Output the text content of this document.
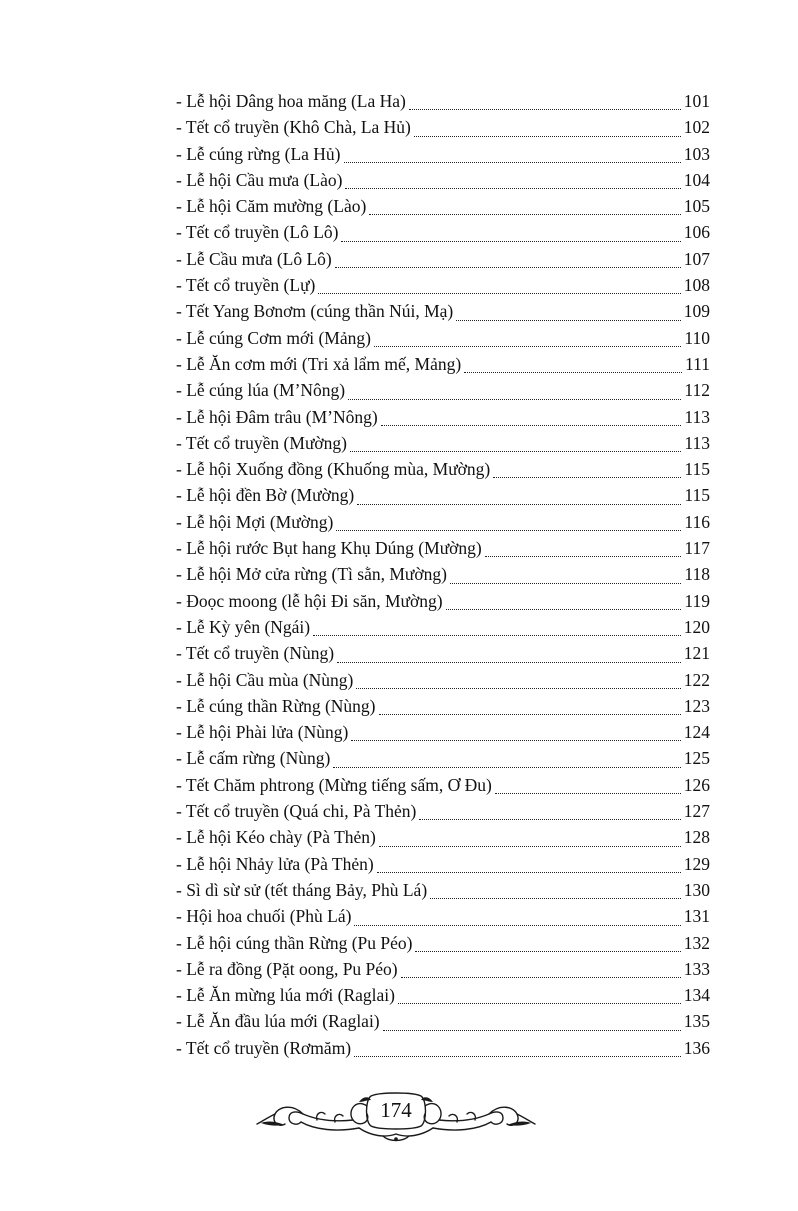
- Lễ hội Dâng hoa măng (La Ha)	101
- Tết cổ truyền (Khô Chà, La Hủ)	102
- Lễ cúng rừng (La Hủ)	103
- Lễ hội Cầu mưa (Lào)	104
- Lễ hội Căm mường (Lào)	105
- Tết cổ truyền (Lô Lô)	106
- Lễ Cầu mưa (Lô Lô)	107
- Tết cổ truyền (Lự)	108
- Tết Yang Bơnơm (cúng thần Núi, Mạ)	109
- Lễ cúng Cơm mới (Mảng)	110
- Lễ Ăn cơm mới (Tri xả lẩm mế, Mảng)	111
- Lễ cúng lúa (M’Nông)	112
- Lễ hội Đâm trâu (M’Nông)	113
- Tết cổ truyền (Mường)	113
- Lễ hội Xuống đồng (Khuống mùa, Mường)	115
- Lễ hội đền Bờ (Mường)	115
- Lễ hội Mợi (Mường)	116
- Lễ hội rước Bụt hang Khụ Dúng (Mường)	117
- Lễ hội Mở cửa rừng (Tì sằn, Mường)	118
- Đoọc moong (lễ hội Đi săn, Mường)	119
- Lễ Kỳ yên (Ngái)	120
- Tết cổ truyền (Nùng)	121
- Lễ hội Cầu mùa (Nùng)	122
- Lễ cúng thần Rừng (Nùng)	123
- Lễ hội Phài lửa (Nùng)	124
- Lễ cấm rừng (Nùng)	125
- Tết Chăm phtrong (Mừng tiếng sấm, Ơ Đu)	126
- Tết cổ truyền (Quá chi, Pà Thẻn)	127
- Lễ hội Kéo chày (Pà Thẻn)	128
- Lễ hội Nhảy lửa (Pà Thẻn)	129
- Sì dì sừ sử (tết tháng Bảy, Phù Lá)	130
- Hội hoa chuối (Phù Lá)	131
- Lễ hội cúng thần Rừng (Pu Péo)	132
- Lễ ra đồng (Pặt oong, Pu Péo)	133
- Lễ Ăn mừng lúa mới (Raglai)	134
- Lễ Ăn đầu lúa mới (Raglai)	135
- Tết cổ truyền (Rơmăm)	136
174
